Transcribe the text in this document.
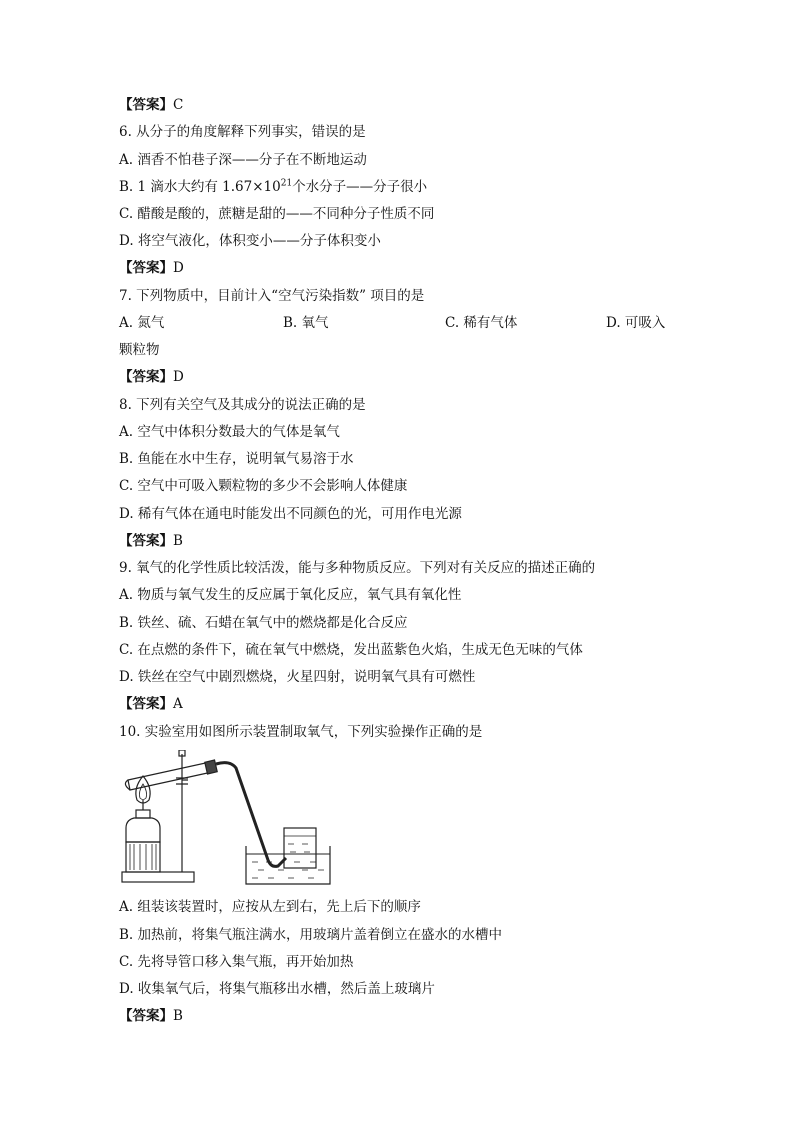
【答案】C
6. 从分子的角度解释下列事实，错误的是
A. 酒香不怕巷子深——分子在不断地运动
B. 1 滴水大约有 $1.67\times 10^{21}$个水分子——分子很小
C. 醋酸是酸的，蔗糖是甜的——不同种分子性质不同
D. 将空气液化，体积变小——分子体积变小
【答案】D
7. 下列物质中，目前计入“空气污染指数” 项目的是
A. 氮气	B. 氧气	C. 稀有气体	D. 可吸入
颗粒物
【答案】D
8. 下列有关空气及其成分的说法正确的是
A. 空气中体积分数最大的气体是氧气
B. 鱼能在水中生存，说明氧气易溶于水
C. 空气中可吸入颗粒物的多少不会影响人体健康
D. 稀有气体在通电时能发出不同颜色的光，可用作电光源
【答案】B
9. 氧气的化学性质比较活泼，能与多种物质反应。下列对有关反应的描述正确的
A. 物质与氧气发生的反应属于氧化反应，氧气具有氧化性
B. 铁丝、硫、石蜡在氧气中的燃烧都是化合反应
C. 在点燃的条件下，硫在氧气中燃烧，发出蓝紫色火焰，生成无色无味的气体
D. 铁丝在空气中剧烈燃烧，火星四射，说明氧气具有可燃性
【答案】A
10. 实验室用如图所示装置制取氧气，下列实验操作正确的是
A. 组装该装置时，应按从左到右，先上后下的顺序
B. 加热前，将集气瓶注满水，用玻璃片盖着倒立在盛水的水槽中
C. 先将导管口移入集气瓶，再开始加热
D. 收集氧气后，将集气瓶移出水槽，然后盖上玻璃片
【答案】B
